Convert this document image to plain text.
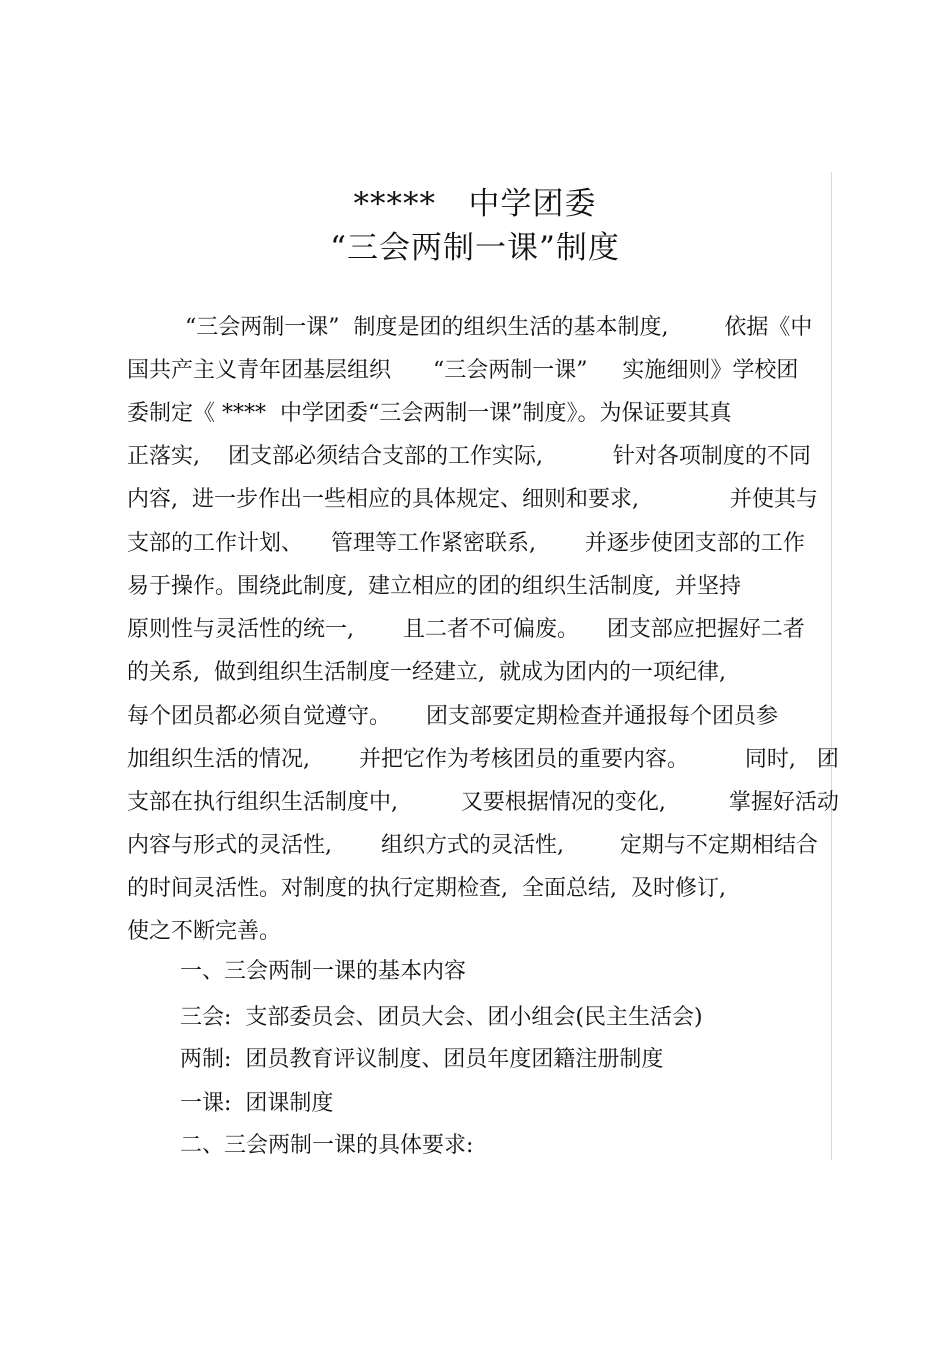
*****   中学团委
“三会两制一课”制度
“三会两制一课”  制度是团的组织生活的基本制度,        依据《中
国共产主义青年团基层组织      “三会两制一课”     实施细则》学校团
委制定《 ****  中学团委“三会两制一课”制度》。为保证要其真
正落实,    团支部必须结合支部的工作实际,          针对各项制度的不同
内容,  进一步作出一些相应的具体规定、细则和要求,             并使其与
支部的工作计划、    管理等工作紧密联系,       并逐步使团支部的工作
易于操作。围绕此制度,  建立相应的团的组织生活制度,  并坚持
原则性与灵活性的统一,       且二者不可偏废。    团支部应把握好二者
的关系,  做到组织生活制度一经建立,  就成为团内的一项纪律,
每个团员都必须自觉遵守。     团支部要定期检查并通报每个团员参
加组织生活的情况,       并把它作为考核团员的重要内容。        同时,   团
支部在执行组织生活制度中,         又要根据情况的变化,         掌握好活动
内容与形式的灵活性,       组织方式的灵活性,        定期与不定期相结合
的时间灵活性。对制度的执行定期检查,  全面总结,  及时修订,
使之不断完善。
一、三会两制一课的基本内容
三会:  支部委员会、团员大会、团小组会(民主生活会)
两制:  团员教育评议制度、团员年度团籍注册制度
一课:  团课制度
二、三会两制一课的具体要求:
